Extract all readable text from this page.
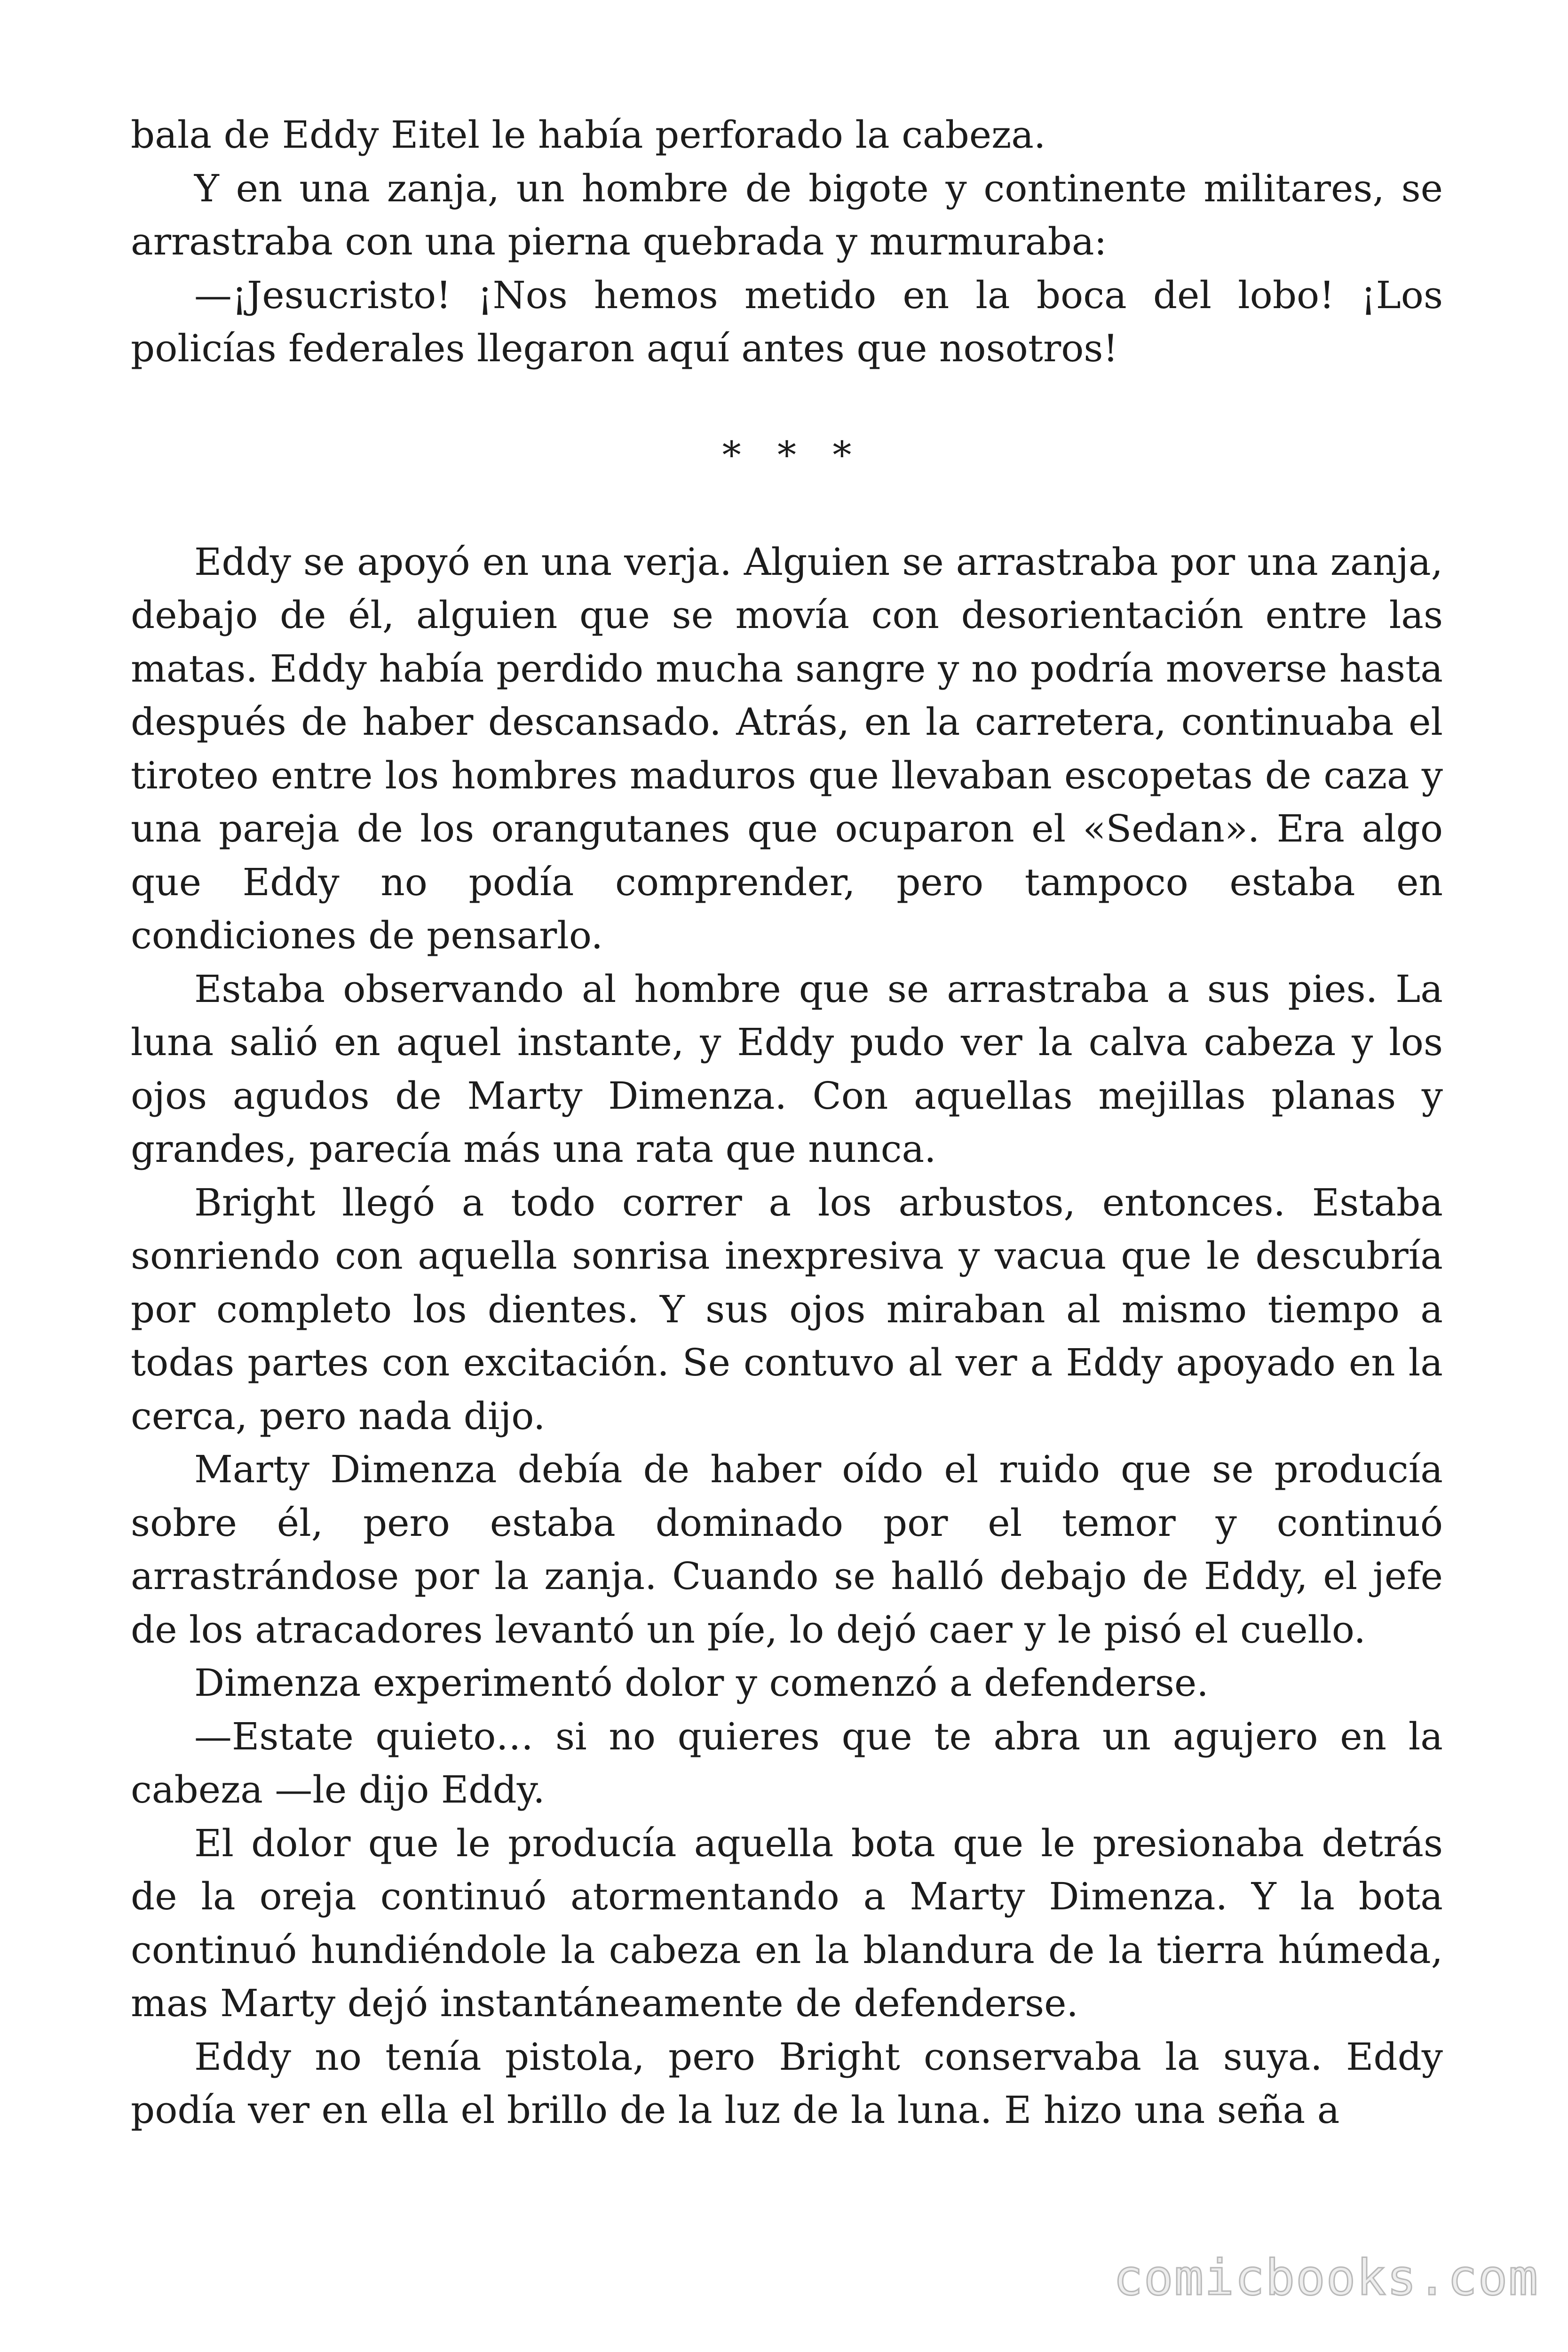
bala de Eddy Eitel le había perforado la cabeza.

Y en una zanja, un hombre de bigote y continente militares, se arrastraba con una pierna quebrada y murmuraba:

—¡Jesucristo! ¡Nos hemos metido en la boca del lobo! ¡Los policías federales llegaron aquí antes que nosotros!

* * *

Eddy se apoyó en una verja. Alguien se arrastraba por una zanja, debajo de él, alguien que se movía con desorientación entre las matas. Eddy había perdido mucha sangre y no podría moverse hasta después de haber descansado. Atrás, en la carretera, continuaba el tiroteo entre los hombres maduros que llevaban escopetas de caza y una pareja de los orangutanes que ocuparon el «Sedan». Era algo que Eddy no podía comprender, pero tampoco estaba en condiciones de pensarlo.

Estaba observando al hombre que se arrastraba a sus pies. La luna salió en aquel instante, y Eddy pudo ver la calva cabeza y los ojos agudos de Marty Dimenza. Con aquellas mejillas planas y grandes, parecía más una rata que nunca.

Bright llegó a todo correr a los arbustos, entonces. Estaba sonriendo con aquella sonrisa inexpresiva y vacua que le descubría por completo los dientes. Y sus ojos miraban al mismo tiempo a todas partes con excitación. Se contuvo al ver a Eddy apoyado en la cerca, pero nada dijo.

Marty Dimenza debía de haber oído el ruido que se producía sobre él, pero estaba dominado por el temor y continuó arrastrándose por la zanja. Cuando se halló debajo de Eddy, el jefe de los atracadores levantó un píe, lo dejó caer y le pisó el cuello.

Dimenza experimentó dolor y comenzó a defenderse.

—Estate quieto… si no quieres que te abra un agujero en la cabeza —le dijo Eddy.

El dolor que le producía aquella bota que le presionaba detrás de la oreja continuó atormentando a Marty Dimenza. Y la bota continuó hundiéndole la cabeza en la blandura de la tierra húmeda, mas Marty dejó instantáneamente de defenderse.

Eddy no tenía pistola, pero Bright conservaba la suya. Eddy podía ver en ella el brillo de la luz de la luna. E hizo una seña a

comicbooks.com
